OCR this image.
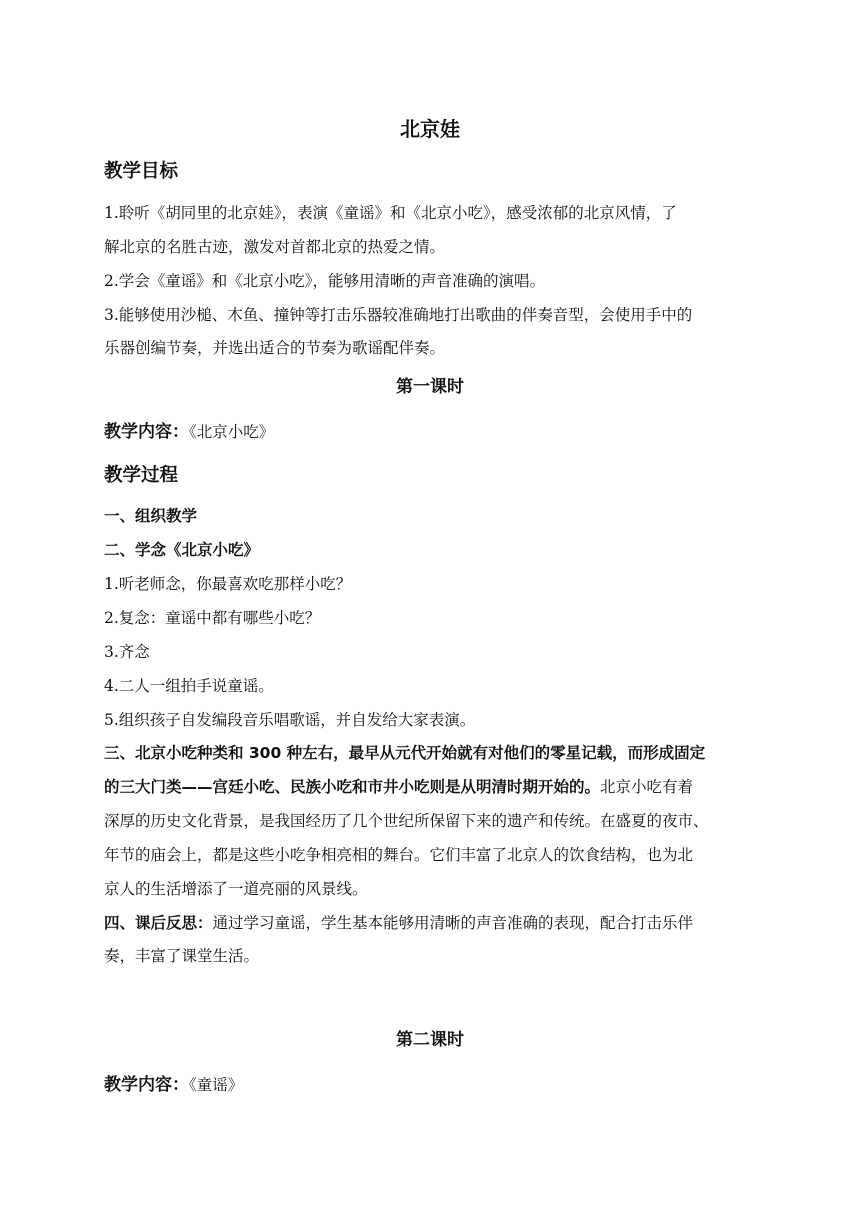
北京娃
教学目标
1.聆听《胡同里的北京娃》，表演《童谣》和《北京小吃》，感受浓郁的北京风情，了
解北京的名胜古迹，激发对首都北京的热爱之情。
2.学会《童谣》和《北京小吃》，能够用清晰的声音准确的演唱。
3.能够使用沙槌、木鱼、撞钟等打击乐器较准确地打出歌曲的伴奏音型，会使用手中的
乐器创编节奏，并选出适合的节奏为歌谣配伴奏。
第一课时
教学内容：《北京小吃》
教学过程
一、组织教学
二、学念《北京小吃》
1.听老师念，你最喜欢吃那样小吃？
2.复念：童谣中都有哪些小吃？
3.齐念
4.二人一组拍手说童谣。
5.组织孩子自发编段音乐唱歌谣，并自发给大家表演。
三、北京小吃种类和 300 种左右，最早从元代开始就有对他们的零星记载，而形成固定
的三大门类——宫廷小吃、民族小吃和市井小吃则是从明清时期开始的。北京小吃有着
深厚的历史文化背景，是我国经历了几个世纪所保留下来的遗产和传统。在盛夏的夜市、
年节的庙会上，都是这些小吃争相亮相的舞台。它们丰富了北京人的饮食结构，也为北
京人的生活增添了一道亮丽的风景线。
四、课后反思：通过学习童谣，学生基本能够用清晰的声音准确的表现，配合打击乐伴
奏，丰富了课堂生活。
第二课时
教学内容：《童谣》
